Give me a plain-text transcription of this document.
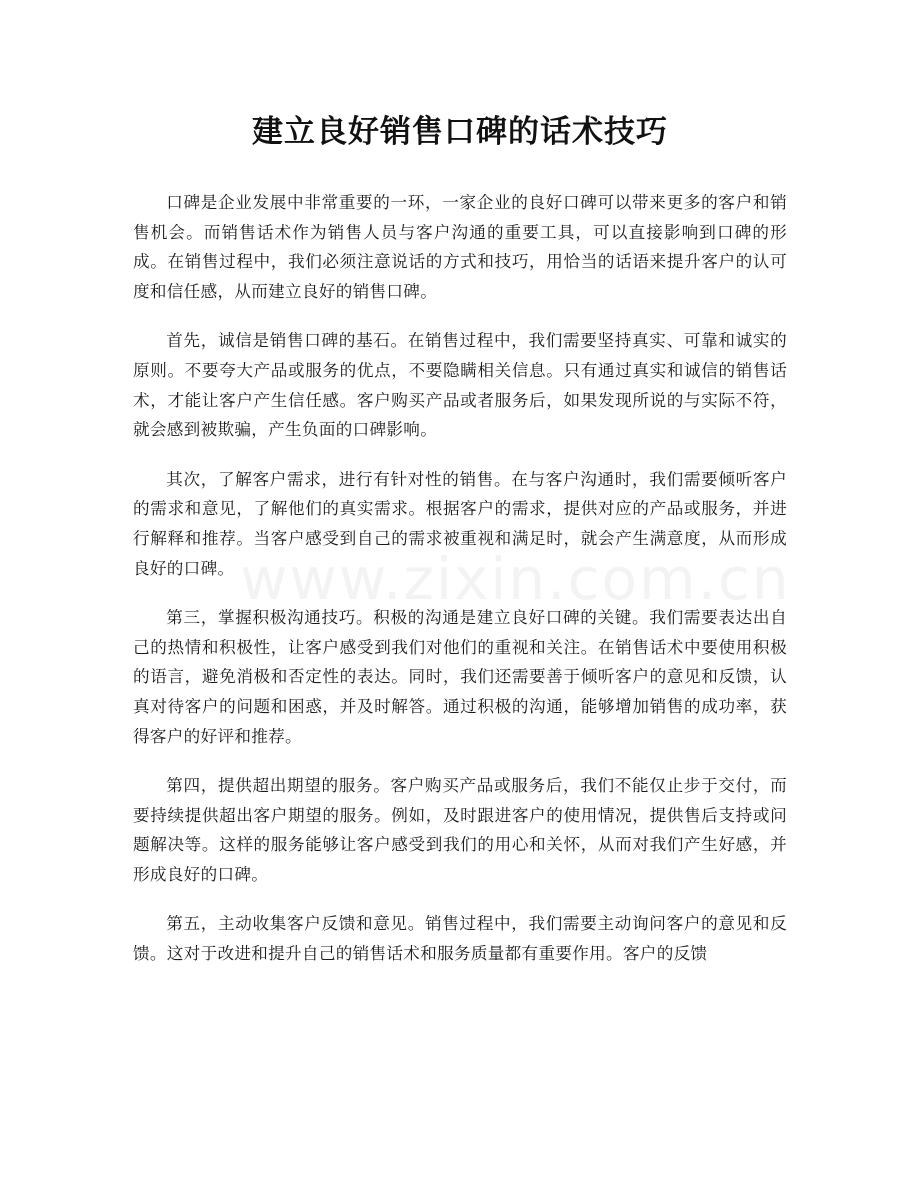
建立良好销售口碑的话术技巧

口碑是企业发展中非常重要的一环，一家企业的良好口碑可以带来更多的客户和销售机会。而销售话术作为销售人员与客户沟通的重要工具，可以直接影响到口碑的形成。在销售过程中，我们必须注意说话的方式和技巧，用恰当的话语来提升客户的认可度和信任感，从而建立良好的销售口碑。

首先，诚信是销售口碑的基石。在销售过程中，我们需要坚持真实、可靠和诚实的原则。不要夸大产品或服务的优点，不要隐瞒相关信息。只有通过真实和诚信的销售话术，才能让客户产生信任感。客户购买产品或者服务后，如果发现所说的与实际不符，就会感到被欺骗，产生负面的口碑影响。

其次，了解客户需求，进行有针对性的销售。在与客户沟通时，我们需要倾听客户的需求和意见，了解他们的真实需求。根据客户的需求，提供对应的产品或服务，并进行解释和推荐。当客户感受到自己的需求被重视和满足时，就会产生满意度，从而形成良好的口碑。

第三，掌握积极沟通技巧。积极的沟通是建立良好口碑的关键。我们需要表达出自己的热情和积极性，让客户感受到我们对他们的重视和关注。在销售话术中要使用积极的语言，避免消极和否定性的表达。同时，我们还需要善于倾听客户的意见和反馈，认真对待客户的问题和困惑，并及时解答。通过积极的沟通，能够增加销售的成功率，获得客户的好评和推荐。

第四，提供超出期望的服务。客户购买产品或服务后，我们不能仅止步于交付，而要持续提供超出客户期望的服务。例如，及时跟进客户的使用情况，提供售后支持或问题解决等。这样的服务能够让客户感受到我们的用心和关怀，从而对我们产生好感，并形成良好的口碑。

第五，主动收集客户反馈和意见。销售过程中，我们需要主动询问客户的意见和反馈。这对于改进和提升自己的销售话术和服务质量都有重要作用。客户的反馈

www.zixin.com.cn
